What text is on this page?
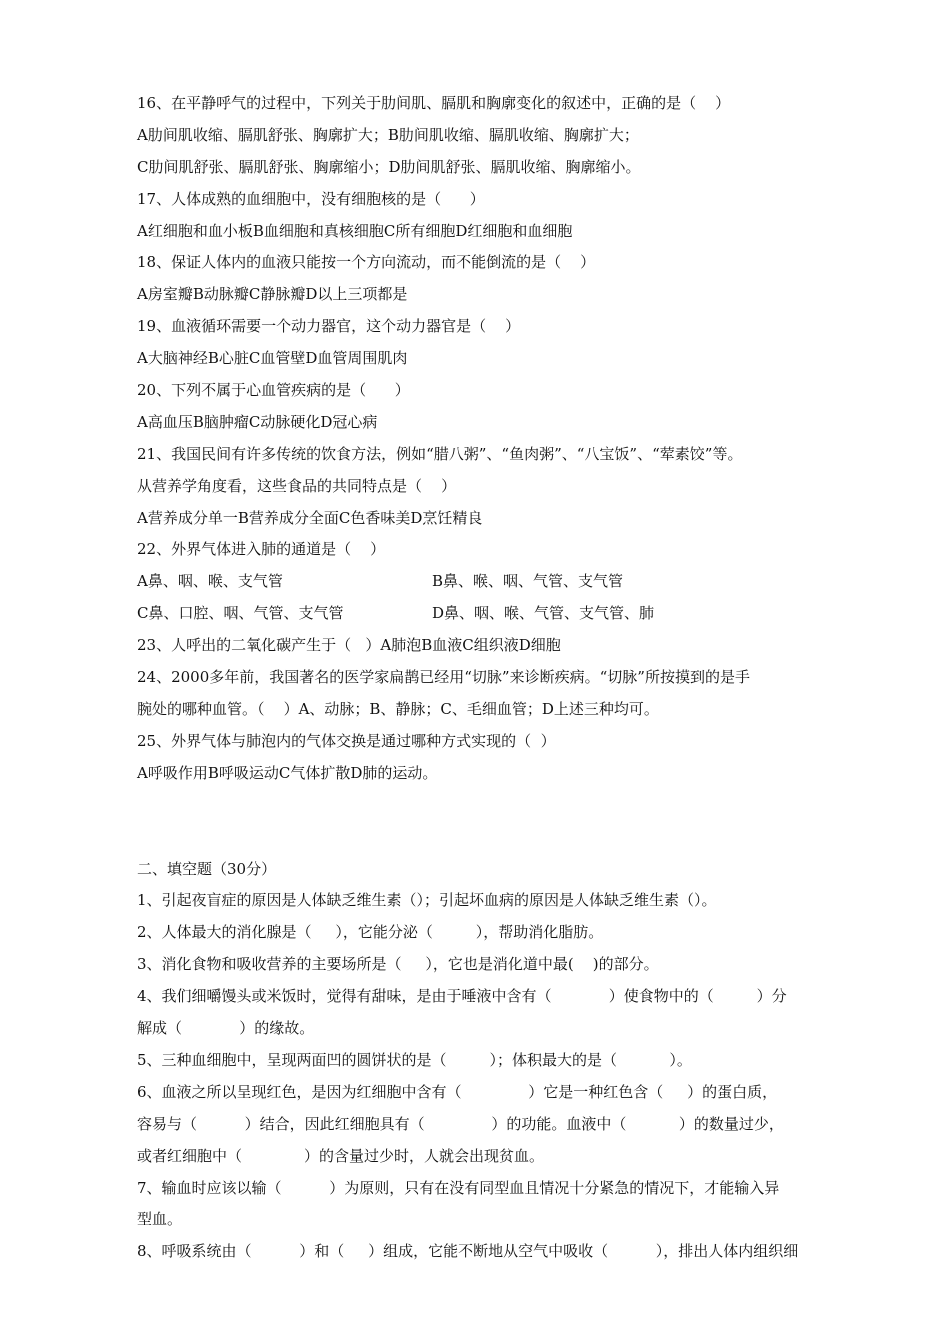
16、在平静呼气的过程中，下列关于肋间肌、膈肌和胸廓变化的叙述中，正确的是（    ）
A肋间肌收缩、膈肌舒张、胸廓扩大；B肋间肌收缩、膈肌收缩、胸廓扩大；
C肋间肌舒张、膈肌舒张、胸廓缩小；D肋间肌舒张、膈肌收缩、胸廓缩小。
17、人体成熟的血细胞中，没有细胞核的是（      ）
A红细胞和血小板B血细胞和真核细胞C所有细胞D红细胞和血细胞
18、保证人体内的血液只能按一个方向流动，而不能倒流的是（    ）
A房室瓣B动脉瓣C静脉瓣D以上三项都是
19、血液循环需要一个动力器官，这个动力器官是（    ）
A大脑神经B心脏C血管壁D血管周围肌肉
20、下列不属于心血管疾病的是（      ）
A高血压B脑肿瘤C动脉硬化D冠心病
21、我国民间有许多传统的饮食方法，例如“腊八粥”、“鱼肉粥”、“八宝饭”、“荤素饺”等。
从营养学角度看，这些食品的共同特点是（    ）
A营养成分单一B营养成分全面C色香味美D烹饪精良
22、外界气体进入肺的通道是（    ）
A鼻、咽、喉、支气管	B鼻、喉、咽、气管、支气管
C鼻、口腔、咽、气管、支气管	D鼻、咽、喉、气管、支气管、肺
23、人呼出的二氧化碳产生于（   ）A肺泡B血液C组织液D细胞
24、2000多年前，我国著名的医学家扁鹊已经用“切脉”来诊断疾病。“切脉”所按摸到的是手
腕处的哪种血管。（    ）A、动脉；B、静脉；C、毛细血管；D上述三种均可。
25、外界气体与肺泡内的气体交换是通过哪种方式实现的（  ）
A呼吸作用B呼吸运动C气体扩散D肺的运动。
二、填空题（30分）
1、引起夜盲症的原因是人体缺乏维生素（）；引起坏血病的原因是人体缺乏维生素（）。
2、人体最大的消化腺是（     ），它能分泌（         ），帮助消化脂肪。
3、消化食物和吸收营养的主要场所是（     ），它也是消化道中最(    )的部分。
4、我们细嚼馒头或米饭时，觉得有甜味，是由于唾液中含有（            ）使食物中的（         ）分
解成（            ）的缘故。
5、三种血细胞中，呈现两面凹的圆饼状的是（         ）；体积最大的是（           ）。
6、血液之所以呈现红色，是因为红细胞中含有（              ）它是一种红色含（     ）的蛋白质，
容易与（          ）结合，因此红细胞具有（              ）的功能。血液中（           ）的数量过少，
或者红细胞中（             ）的含量过少时，人就会出现贫血。
7、输血时应该以输（          ）为原则，只有在没有同型血且情况十分紧急的情况下，才能输入异
型血。
8、呼吸系统由（          ）和（     ）组成，它能不断地从空气中吸收（          ），排出人体内组织细
